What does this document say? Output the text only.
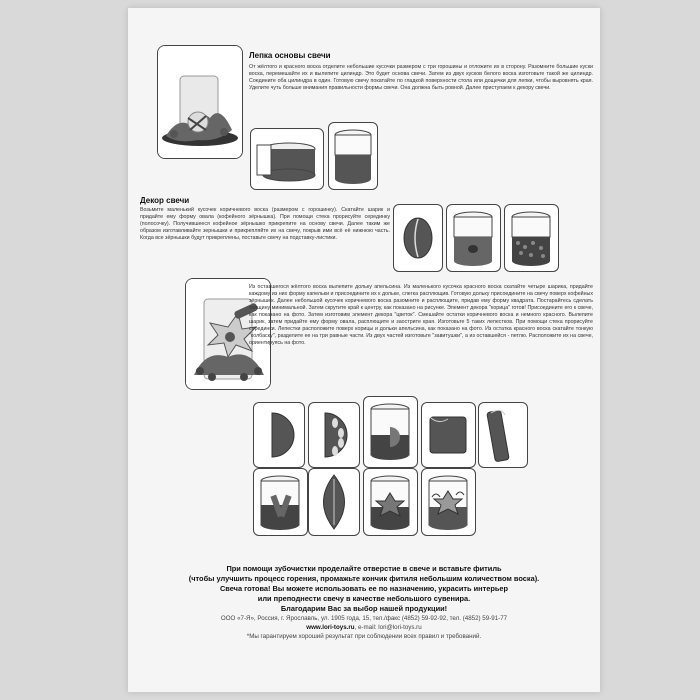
Лепка основы свечи

От жёлтого и красного воска отделите небольшие кусочки размером с три горошины и отложите их в сторону. Разомните большие куски воска, перемешайте их и вылепите цилиндр. Это будет основа свечи. Затем из двух кусков белого воска изготовьте такой же цилиндр. Соедините оба цилиндра в один. Готовую свечу покатайте по гладкой поверхности стола или дощечки для лепки, чтобы выровнять края. Уделите чуть больше внимания правильности формы свечи. Она должна быть ровной. Далее приступаем к декору свечи.

Декор свечи

Возьмите маленький кусочек коричневого воска (размером с горошинку). Скатайте шарик и придайте ему форму овала (кофейного зёрнышка). При помощи стека прорисуйте серединку (полосочку). Получившееся кофейное зёрнышко прикрепите на основу свечи. Далее таким же образом изготавливайте зернышки и прикрепляйте их на свечу, покрыв ими всё её нижнюю часть. Когда все зёрнышки будут прикреплены, поставьте свечу на подставку-листики.

Из оставшегося жёлтого воска вылепите дольку апельсина. Из маленького кусочка красного воска скатайте четыре шарика, придайте каждому из них форму капельки и присоедините их к дольке, слегка расплющив. Готовую дольку присоедините на свечу поверх кофейных зёрнышек. Далее небольшой кусочек коричневого воска разомните и расплющите, придав ему форму квадрата. Постарайтесь сделать толщину минимальной. Затем скрутите край к центру, как показано на рисунке. Элемент декора "корица" готов! Присоедините его к свече, как показано на фото. Затем изготовим элемент декора "цветок". Смешайте остатки коричневого воска и немного красного. Вылепите шарик, затем придайте ему форму овала, расплющите и заострите края. Изготовьте 5 таких лепестков. При помощи стека прорисуйте серединки. Лепестки расположите поверх корицы и дольки апельсина, как показано на фото. Из остатка красного воска скатайте тонкую "колбаску", разделите ее на три равные части. Из двух частей изготовьте "завитушки", а из оставшейся - петлю. Расположите их на свече, ориентируясь на фото.

При помощи зубочистки проделайте отверстие в свече и вставьте фитиль
(чтобы улучшить процесс горения, промажьте кончик фитиля небольшим количеством воска).
Свеча готова! Вы можете использовать ее по назначению, украсить интерьер
или преподнести свечу в качестве небольшого сувенира.
Благодарим Вас за выбор нашей продукции!
ООО «7-Я», Россия, г. Ярославль, ул. 1905 года, 15, тел./факс (4852) 59-92-92, тел. (4852) 59-91-77
www.lori-toys.ru, e-mail: lori@lori-toys.ru
*Мы гарантируем хороший результат при соблюдении всех правил и требований.
